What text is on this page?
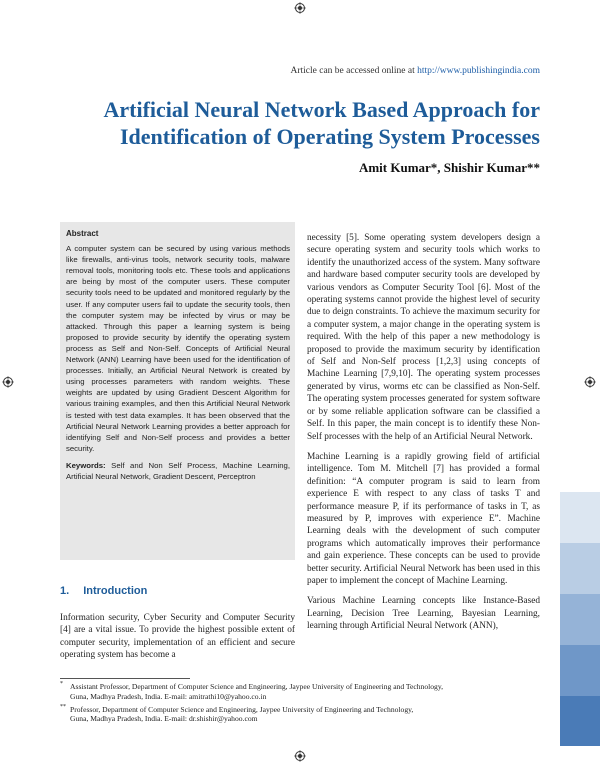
Article can be accessed online at http://www.publishingindia.com
Artificial Neural Network Based Approach for
Identification of Operating System Processes
Amit Kumar*, Shishir Kumar**
Abstract

A computer system can be secured by using various methods like firewalls, anti-virus tools, network security tools, malware removal tools, monitoring tools etc. These tools and applications are being by most of the computer users. These computer security tools need to be updated and monitored regularly by the user. If any computer users fail to update the security tools, then the computer system may be infected by virus or may be attacked. Through this paper a learning system is being proposed to provide security by identify the operating system process as Self and Non-Self. Concepts of Artificial Neural Network (ANN) Learning have been used for the identification of processes. Initially, an Artificial Neural Network is created by using processes parameters with random weights. These weights are updated by using Gradient Descent Algorithm for various training examples, and then this Artificial Neural Network is tested with test data examples. It has been observed that the Artificial Neural Network Learning provides a better approach for identifying Self and Non-Self process and provides a better security.

Keywords: Self and Non Self Process, Machine Learning, Artificial Neural Network, Gradient Descent, Perceptron
1. Introduction

Information security, Cyber Security and Computer Security [4] are a vital issue. To provide the highest possible extent of computer security, implementation of an efficient and secure operating system has become a

necessity [5]. Some operating system developers design a secure operating system and security tools which works to identify the unauthorized access of the system. Many software and hardware based computer security tools are developed by various vendors as Computer Security Tool [6]. Most of the operating systems cannot provide the highest level of security due to deign constraints. To achieve the maximum security for a computer system, a major change in the operating system is required. With the help of this paper a new methodology is proposed to provide the maximum security by identification of Self and Non-Self process [1,2,3] using concepts of Machine Learning [7,9,10]. The operating system processes generated by virus, worms etc can be classified as Non-Self. The operating system processes generated for system software or by some reliable application software can be classified a Self. In this paper, the main concept is to identify these Non-Self processes with the help of an Artificial Neural Network.

Machine Learning is a rapidly growing field of artificial intelligence. Tom M. Mitchell [7] has provided a formal definition: “A computer program is said to learn from experience E with respect to any class of tasks T and performance measure P, if its performance of tasks in T, as measured by P, improves with experience E”. Machine Learning deals with the development of such computer programs which automatically improves their performance and gain experience. These concepts can be used to provide better security. Artificial Neural Network has been used in this paper to implement the concept of Machine Learning.

Various Machine Learning concepts like Instance-Based Learning, Decision Tree Learning, Bayesian Learning, learning through Artificial Neural Network (ANN),

* Assistant Professor, Department of Computer Science and Engineering, Jaypee University of Engineering and Technology,
Guna, Madhya Pradesh, India. E-mail: amitrathi10@yahoo.co.in
** Professor, Department of Computer Science and Engineering, Jaypee University of Engineering and Technology,
Guna, Madhya Pradesh, India. E-mail: dr.shishir@yahoo.com
